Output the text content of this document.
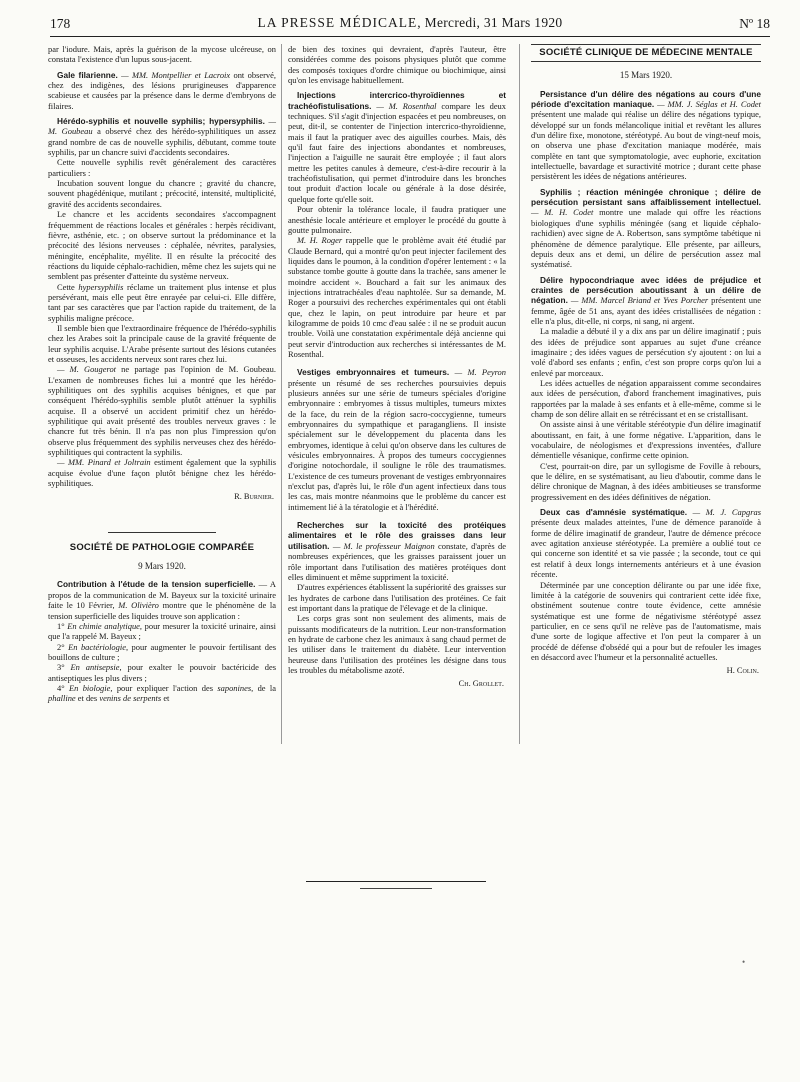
178	LA PRESSE MÉDICALE, Mercredi, 31 Mars 1920	Nº 18

par l'iodure. Mais, après la guérison de la mycose ulcéreuse, on constata l'existence d'un lupus sous-jacent.

Gale filarienne. — MM. Montpellier et Lacroix ont observé, chez des indigènes, des lésions prurigineuses d'apparence scabieuse et causées par la présence dans le derme d'embryons de filaires.

Hérédo-syphilis et nouvelle syphilis; hypersyphilis. — M. Goubeau a observé chez des hérédo-syphilitiques un assez grand nombre de cas de nouvelle syphilis, débutant, comme toute syphilis, par un chancre suivi d'accidents secondaires.

Cette nouvelle syphilis revêt généralement des caractères particuliers :

Incubation souvent longue du chancre ; gravité du chancre, souvent phagédénique, mutilant ; précocité, intensité, multiplicité, gravité des accidents secondaires.

Le chancre et les accidents secondaires s'accompagnent fréquemment de réactions locales et générales : herpès récidivant, fièvre, asthénie, etc. ; on observe surtout la prédominance et la précocité des lésions nerveuses : céphalée, névrites, paralysies, méningite, encéphalite, myélite. Il en résulte la précocité des réactions du liquide céphalo-rachidien, même chez les sujets qui ne semblent pas présenter d'atteinte du système nerveux.

Cette hypersyphilis réclame un traitement plus intense et plus persévérant, mais elle peut être enrayée par celui-ci. Elle diffère, tant par ses caractères que par l'action rapide du traitement, de la syphilis maligne précoce.

Il semble bien que l'extraordinaire fréquence de l'hérédo-syphilis chez les Arabes soit la principale cause de la gravité fréquente de leur syphilis acquise. L'Arabe présente surtout des lésions cutanées et osseuses, les accidents nerveux sont rares chez lui.

— M. Gougerot ne partage pas l'opinion de M. Goubeau. L'examen de nombreuses fiches lui a montré que les hérédo-syphilitiques ont des syphilis acquises bénignes, et que par conséquent l'hérédo-syphilis semble plutôt atténuer la syphilis acquise. Il a observé un accident primitif chez un hérédo-syphilitique qui avait présenté des troubles nerveux graves : le chancre fut très bénin. Il n'a pas non plus l'impression qu'on observe plus fréquemment des syphilis nerveuses chez des hérédo-syphilitiques qui contractent la syphilis.

— MM. Pinard et Joltrain estiment également que la syphilis acquise évolue d'une façon plutôt bénigne chez les hérédo-syphilitiques.

R. Burnier.

SOCIÉTÉ DE PATHOLOGIE COMPARÉE

9 Mars 1920.

Contribution à l'étude de la tension superficielle. — A propos de la communication de M. Bayeux sur la toxicité urinaire faite le 10 Février, M. Olivièro montre que le phénomène de la tension superficielle des liquides trouve son application :

1° En chimie analytique, pour mesurer la toxicité urinaire, ainsi que l'a rappelé M. Bayeux ;

2° En bactériologie, pour augmenter le pouvoir fertilisant des bouillons de culture ;

3° En antisepsie, pour exalter le pouvoir bactéricide des antiseptiques les plus divers ;

4° En biologie, pour expliquer l'action des saponines, de la phalline et des venins de serpents et

de bien des toxines qui devraient, d'après l'auteur, être considérées comme des poisons physiques plutôt que comme des composés toxiques d'ordre chimique ou biochimique, ainsi qu'on les envisage habituellement.

Injections intercrico-thyroïdiennes et trachéofistulisations. — M. Rosenthal compare les deux techniques. S'il s'agit d'injection espacées et peu nombreuses, on peut, dit-il, se contenter de l'injection intercrico-thyroïdienne, mais il faut la pratiquer avec des aiguilles courbes. Mais, dès qu'il faut faire des injections abondantes et nombreuses, l'injection a l'aiguille ne saurait être employée ; il faut alors mettre les petites canules à demeure, c'est-à-dire recourir à la trachéofistulisation, qui permet d'introduire dans les bronches tout produit d'action locale ou générale à la dose désirée, quelque forte qu'elle soit.

Pour obtenir la tolérance locale, il faudra pratiquer une anesthésie locale antérieure et employer le procédé du goutte à goutte pulmonaire.

M. H. Roger rappelle que le problème avait été étudié par Claude Bernard, qui a montré qu'on peut injecter facilement des liquides dans le poumon, à la condition d'opérer lentement : « la substance tombe goutte à goutte dans la trachée, sans amener le moindre accident ». Bouchard a fait sur les animaux des injections intratrachéales d'eau naphtolée. Sur sa demande, M. Roger a poursuivi des recherches expérimentales qui ont établi que, chez le lapin, on peut introduire par heure et par kilogramme de poids 10 cmc d'eau salée : il ne se produit aucun trouble. Voilà une constatation expérimentale déjà ancienne qui peut servir d'introduction aux recherches si intéressantes de M. Rosenthal.

Vestiges embryonnaires et tumeurs. — M. Peyron présente un résumé de ses recherches poursuivies depuis plusieurs années sur une série de tumeurs spéciales d'origine embryonnaire : embryomes à tissus multiples, tumeurs mixtes de la face, du rein de la région sacro-coccygienne, tumeurs embryonnaires du sympathique et paragangliens. Il insiste spécialement sur le développement du placenta dans les embryomes, identique à celui qu'on observe dans les cultures de vésicules embryonnaires. À propos des tumeurs coccygiennes d'origine notochordale, il souligne le rôle des traumatismes. L'existence de ces tumeurs provenant de vestiges embryonnaires n'exclut pas, d'après lui, le rôle d'un agent infectieux dans tous les cas, mais montre néanmoins que le problème du cancer est intimement lié à la tératologie et à l'hérédité.

Recherches sur la toxicité des protéiques alimentaires et le rôle des graisses dans leur utilisation. — M. le professeur Maignon constate, d'après de nombreuses expériences, que les graisses paraissent jouer un rôle important dans l'utilisation des matières protéiques dont elles diminuent et même suppriment la toxicité.

D'autres expériences établissent la supériorité des graisses sur les hydrates de carbone dans l'utilisation des protéines. Ce fait est important dans la pratique de l'élevage et de la clinique.

Les corps gras sont non seulement des aliments, mais de puissants modificateurs de la nutrition. Leur non-transformation en hydrate de carbone chez les animaux à sang chaud permet de les utiliser dans le traitement du diabète. Leur intervention heureuse dans l'utilisation des protéines les désigne dans tous les troubles du métabolisme azoté.

Ch. Grollet.

SOCIÉTÉ CLINIQUE DE MÉDECINE MENTALE

15 Mars 1920.

Persistance d'un délire des négations au cours d'une période d'excitation maniaque. — MM. J. Séglas et H. Codet présentent une malade qui réalise un délire des négations typique, développé sur un fonds mélancolique initial et revêtant les allures d'un délire fixe, monotone, stéréotypé. Au bout de vingt-neuf mois, on observa une phase d'excitation maniaque modérée, mais complète en tant que symptomatologie, avec euphorie, excitation intellectuelle, bavardage et suractivité motrice ; durant cette phase persistèrent les idées de négations antérieures.

Syphilis ; réaction méningée chronique ; délire de persécution persistant sans affaiblissement intellectuel. — M. H. Codet montre une malade qui offre les réactions biologiques d'une syphilis méningée (sang et liquide céphalo-rachidien) avec signe de A. Robertson, sans symptôme tabétique ni phénomène de démence paralytique. Elle présente, par ailleurs, depuis deux ans et demi, un délire de persécution assez mal systématisé.

Délire hypocondriaque avec idées de préjudice et craintes de persécution aboutissant à un délire de négation. — MM. Marcel Briand et Yves Porcher présentent une femme, âgée de 51 ans, ayant des idées cristallisées de négation : elle n'a plus, dit-elle, ni corps, ni sang, ni argent.

La maladie a débuté il y a dix ans par un délire imaginatif ; puis des idées de préjudice sont apparues au sujet d'une créance imaginaire ; des idées vagues de persécution s'y ajoutent : on lui a volé d'abord ses enfants ; enfin, c'est son propre corps qu'on lui a enlevé par morceaux.

Les idées actuelles de négation apparaissent comme secondaires aux idées de persécution, d'abord franchement imaginatives, puis rapportées par la malade à ses enfants et à elle-même, comme si le champ de son délire allait en se rétrécissant et en se cristallisant.

On assiste ainsi à une véritable stéréotypie d'un délire imaginatif aboutissant, en fait, à une forme négative. L'apparition, dans le vocabulaire, de néologismes et d'expressions inventées, d'allure démentielle vésanique, confirme cette opinion.

C'est, pourrait-on dire, par un syllogisme de Foville à rebours, que le délire, en se systématisant, au lieu d'aboutir, comme dans le délire chronique de Magnan, à des idées ambitieuses se transforme progressivement en des idées définitives de négation.

Deux cas d'amnésie systématique. — M. J. Capgras présente deux malades atteintes, l'une de démence paranoïde à forme de délire imaginatif de grandeur, l'autre de démence précoce avec agitation anxieuse stéréotypée. La première a oublié tout ce qui concerne son identité et sa vie passée ; la seconde, tout ce qui est relatif à deux longs internements antérieurs et à une évasion récente.

Déterminée par une conception délirante ou par une idée fixe, limitée à la catégorie de souvenirs qui contrarient cette idée fixe, obstinément soutenue contre toute évidence, cette amnésie systématique est une forme de négativisme stéréotypé assez particulier, en ce sens qu'il ne relève pas de l'automatisme, mais d'une sorte de logique affective et l'on peut la comparer à un procédé de défense d'obsédé qui a pour but de refouler les images en désaccord avec l'humeur et la personnalité actuelles.

H. Colin.

•
